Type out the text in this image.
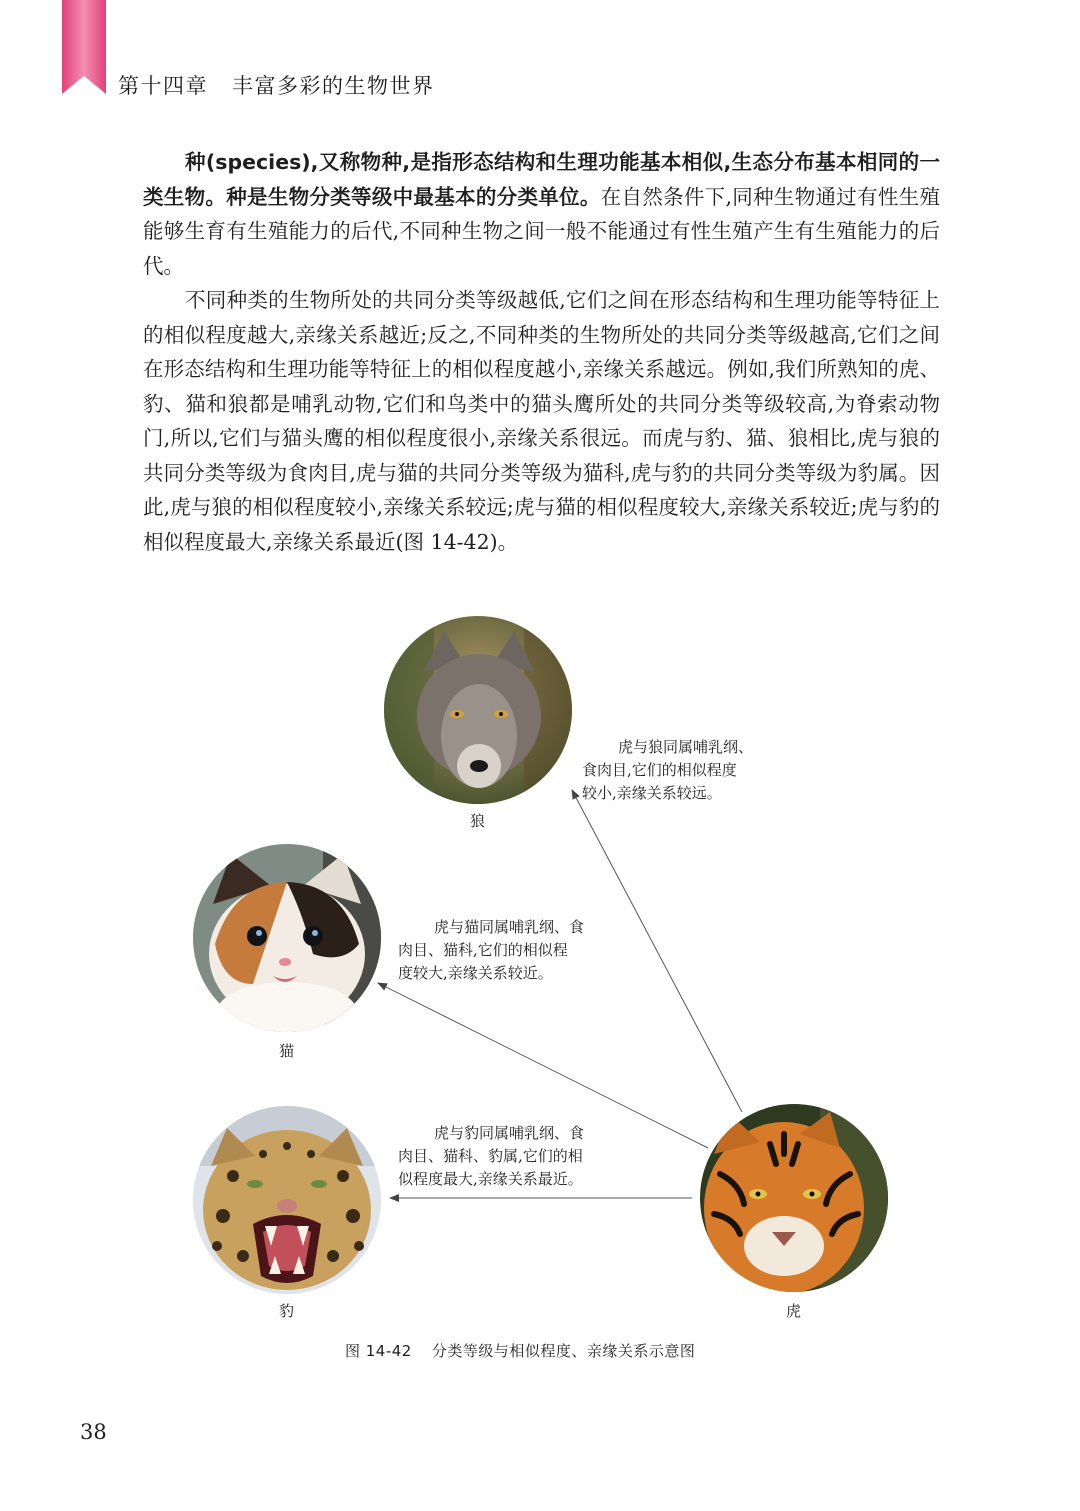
第十四章 丰富多彩的生物世界

种(species),又称物种,是指形态结构和生理功能基本相似,生态分布基本相同的一类生物。种是生物分类等级中最基本的分类单位。在自然条件下,同种生物通过有性生殖能够生育有生殖能力的后代,不同种生物之间一般不能通过有性生殖产生有生殖能力的后代。

不同种类的生物所处的共同分类等级越低,它们之间在形态结构和生理功能等特征上的相似程度越大,亲缘关系越近;反之,不同种类的生物所处的共同分类等级越高,它们之间在形态结构和生理功能等特征上的相似程度越小,亲缘关系越远。例如,我们所熟知的虎、豹、猫和狼都是哺乳动物,它们和鸟类中的猫头鹰所处的共同分类等级较高,为脊索动物门,所以,它们与猫头鹰的相似程度很小,亲缘关系很远。而虎与豹、猫、狼相比,虎与狼的共同分类等级为食肉目,虎与猫的共同分类等级为猫科,虎与豹的共同分类等级为豹属。因此,虎与狼的相似程度较小,亲缘关系较远;虎与猫的相似程度较大,亲缘关系较近;虎与豹的相似程度最大,亲缘关系最近(图 14-42)。

狼

虎与狼同属哺乳纲、
食肉目,它们的相似程度
较小,亲缘关系较远。

猫

虎与猫同属哺乳纲、食
肉目、猫科,它们的相似程
度较大,亲缘关系较近。

豹

虎与豹同属哺乳纲、食
肉目、猫科、豹属,它们的相
似程度最大,亲缘关系最近。

虎
图 14-42 分类等级与相似程度、亲缘关系示意图
38
